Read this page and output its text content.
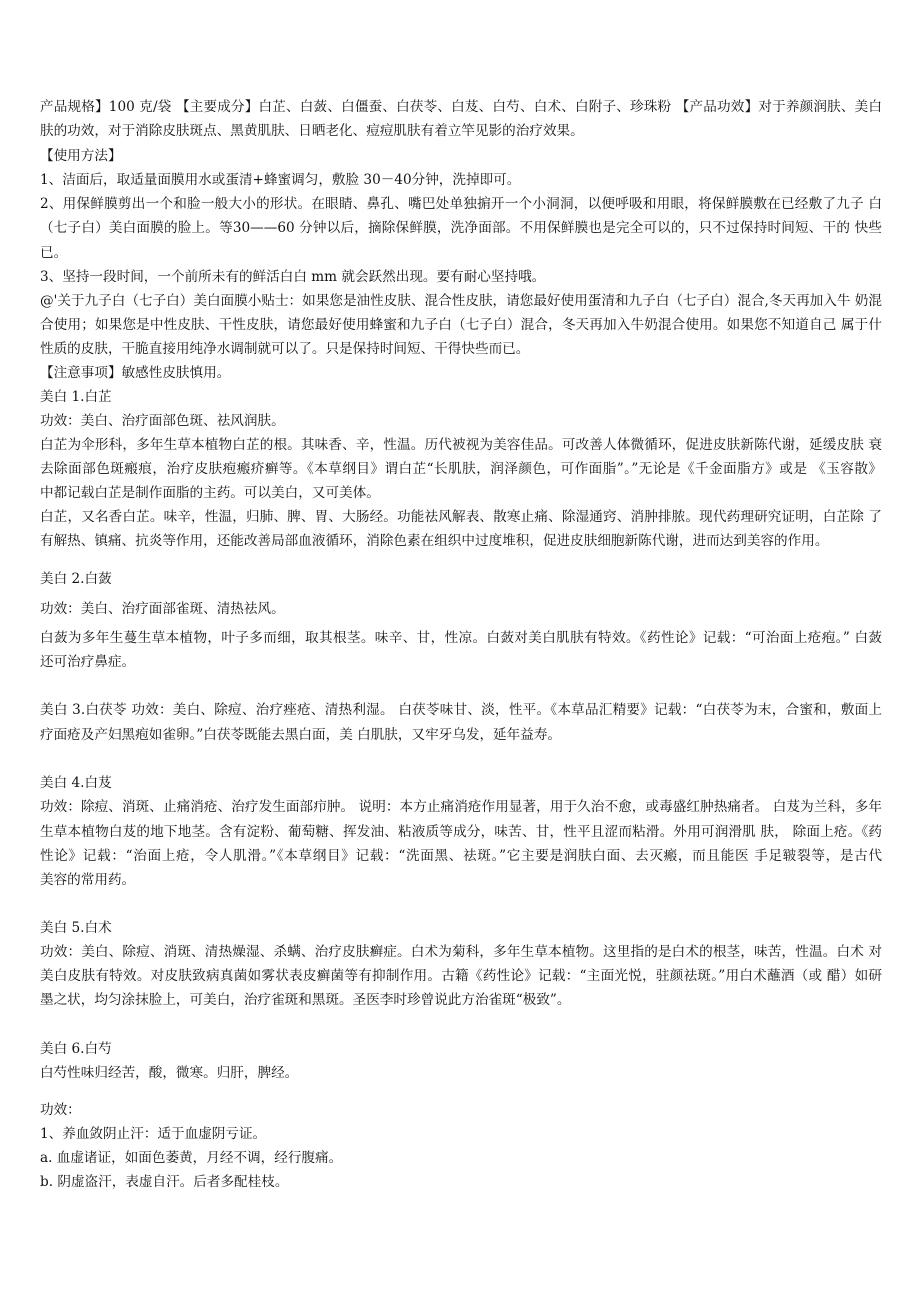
产品规格】100 克/袋 【主要成分】白芷、白蔹、白僵蚕、白茯苓、白芨、白芍、白术、白附子、珍珠粉 【产品功效】对于养颜润肤、美白
肤的功效，对于消除皮肤斑点、黑黄肌肤、日晒老化、痘痘肌肤有着立竿见影的治疗效果。
【使用方法】
1、洁面后，取适量面膜用水或蛋清+蜂蜜调匀，敷脸 30－40分钟，洗掉即可。
2、用保鲜膜剪出一个和脸一般大小的形状。在眼睛、鼻孔、嘴巴处单独掮开一个小洞洞，以便呼吸和用眼，将保鲜膜敷在已经敷了九子 白
（七子白）美白面膜的脸上。等30——60 分钟以后，摘除保鲜膜，洗净面部。不用保鲜膜也是完全可以的，只不过保持时间短、干的 快些
已。
3、坚持一段时间，一个前所未有的鲜活白白 mm 就会跃然出现。要有耐心坚持哦。
@'关于九子白（七子白）美白面膜小贴士：如果您是油性皮肤、混合性皮肤，请您最好使用蛋清和九子白（七子白）混合,冬天再加入牛 奶混
合使用；如果您是中性皮肤、干性皮肤，请您最好使用蜂蜜和九子白（七子白）混合，冬天再加入牛奶混合使用。如果您不知道自己 属于什
性质的皮肤，干脆直接用纯净水调制就可以了。只是保持时间短、干得快些而已。
【注意事项】敏感性皮肤慎用。
美白 1.白芷
功效：美白、治疗面部色斑、祛风润肤。
白芷为伞形科，多年生草本植物白芷的根。其味香、辛，性温。历代被视为美容佳品。可改善人体微循环，促进皮肤新陈代谢，延缓皮肤 衰
去除面部色斑瘢痕，治疗皮肤疱瘢疥癣等。《本草纲目》谓白芷“长肌肤，润泽颜色，可作面脂”。”无论是《千金面脂方》或是 《玉容散》
中都记载白芷是制作面脂的主药。可以美白，又可美体。
白芷，又名香白芷。味辛，性温，归肺、脾、胃、大肠经。功能祛风解表、散寒止痛、除湿通窍、消肿排脓。现代药理研究证明，白芷除 了
有解热、镇痛、抗炎等作用，还能改善局部血液循环，消除色素在组织中过度堆积，促进皮肤细胞新陈代谢，进而达到美容的作用。
美白 2.白蔹
功效：美白、治疗面部雀斑、清热祛风。
白蔹为多年生蔓生草本植物，叶子多而细，取其根茎。味辛、甘，性凉。白蔹对美白肌肤有特效。《药性论》记载：“可治面上疮疱。” 白蔹
还可治疗鼻症。
美白 3.白茯苓 功效：美白、除痘、治疗痤疮、清热利湿。 白茯苓味甘、淡，性平。《本草品汇精要》记载：“白茯苓为末，合蜜和，敷面上
疗面疮及产妇黑疱如雀卵。”白茯苓既能去黑白面，美 白肌肤，又牢牙乌发，延年益寿。
美白 4.白芨
功效：除痘、消斑、止痛消疮、治疗发生面部疖肿。 说明：本方止痛消疮作用显著，用于久治不愈，或毒盛红肿热痛者。 白芨为兰科，多年
生草本植物白芨的地下地茎。含有淀粉、葡萄糖、挥发油、粘液质等成分，味苦、甘，性平且涩而粘滑。外用可润滑肌 肤， 除面上疮。《药
性论》记载：“治面上疮，令人肌滑。”《本草纲目》记载：“洗面黑、祛斑。”它主要是润肤白面、去灭瘢，而且能医 手足皲裂等，是古代
美容的常用药。
美白 5.白术
功效：美白、除痘、消斑、清热燥湿、杀螨、治疗皮肤癣症。白术为菊科，多年生草本植物。这里指的是白术的根茎，味苦，性温。白术 对
美白皮肤有特效。对皮肤致病真菌如雾状表皮癣菌等有抑制作用。古籍《药性论》记载：“主面光悦，驻颜祛斑。”用白术蘸酒（或 醋）如研
墨之状，均匀涂抹脸上，可美白，治疗雀斑和黑斑。圣医李时珍曾说此方治雀斑“极致”。
美白 6.白芍
白芍性味归经苦，酸，微寒。归肝，脾经。
功效：
1、养血敛阴止汗：适于血虚阴亏证。
a. 血虚诸证，如面色萎黄，月经不调，经行腹痛。
b. 阴虚盗汗，表虚自汗。后者多配桂枝。
